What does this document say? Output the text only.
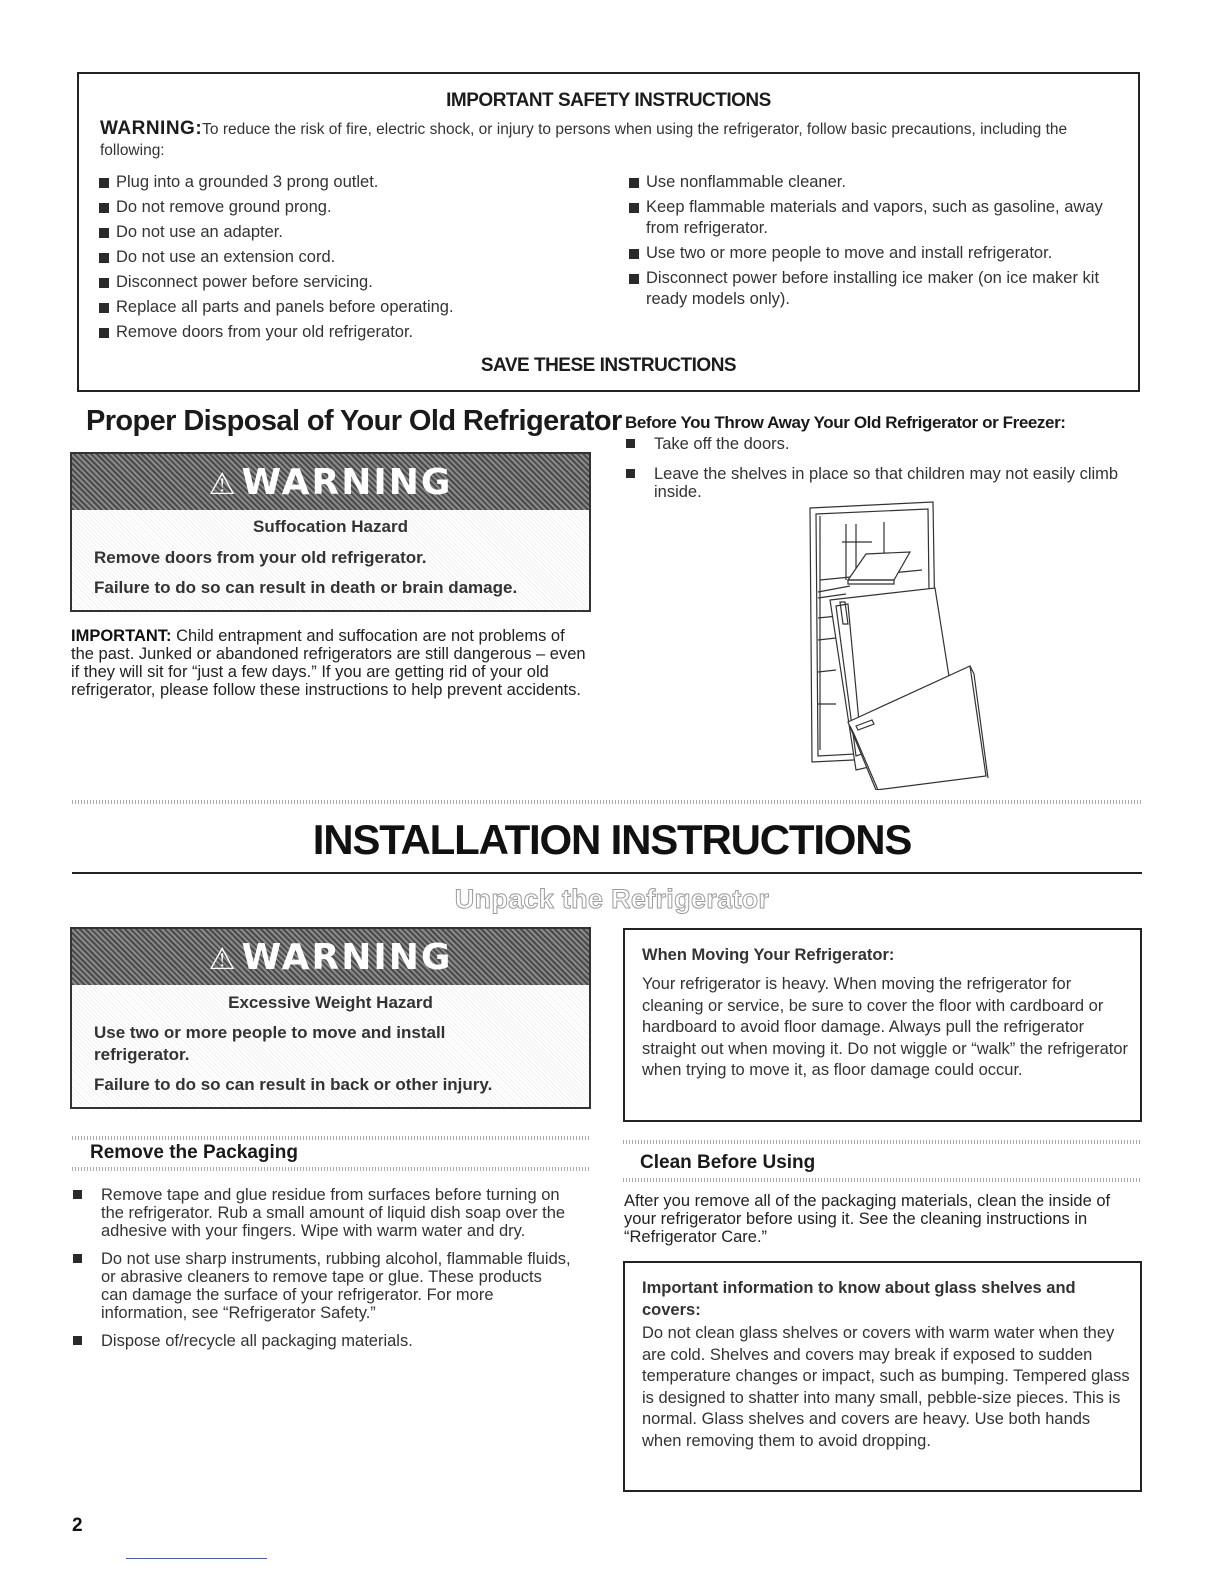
IMPORTANT SAFETY INSTRUCTIONS
WARNING:To reduce the risk of fire, electric shock, or injury to persons when using the refrigerator, follow basic precautions, including the following:
Plug into a grounded 3 prong outlet.
Do not remove ground prong.
Do not use an adapter.
Do not use an extension cord.
Disconnect power before servicing.
Replace all parts and panels before operating.
Remove doors from your old refrigerator.
Use nonflammable cleaner.
Keep flammable materials and vapors, such as gasoline, away from refrigerator.
Use two or more people to move and install refrigerator.
Disconnect power before installing ice maker (on ice maker kit ready models only).
SAVE THESE INSTRUCTIONS
Proper Disposal of Your Old Refrigerator
⚠ WARNING
Suffocation Hazard
Remove doors from your old refrigerator.
Failure to do so can result in death or brain damage.
IMPORTANT: Child entrapment and suffocation are not problems of the past. Junked or abandoned refrigerators are still dangerous – even if they will sit for “just a few days.” If you are getting rid of your old refrigerator, please follow these instructions to help prevent accidents.
Before You Throw Away Your Old Refrigerator or Freezer:
Take off the doors.
Leave the shelves in place so that children may not easily climb inside.
INSTALLATION INSTRUCTIONS
Unpack the Refrigerator
⚠ WARNING
Excessive Weight Hazard
Use two or more people to move and install refrigerator.
Failure to do so can result in back or other injury.
When Moving Your Refrigerator:
Your refrigerator is heavy. When moving the refrigerator for cleaning or service, be sure to cover the floor with cardboard or hardboard to avoid floor damage. Always pull the refrigerator straight out when moving it. Do not wiggle or “walk” the refrigerator when trying to move it, as floor damage could occur.
Remove the Packaging
Remove tape and glue residue from surfaces before turning on the refrigerator. Rub a small amount of liquid dish soap over the adhesive with your fingers. Wipe with warm water and dry.
Do not use sharp instruments, rubbing alcohol, flammable fluids, or abrasive cleaners to remove tape or glue. These products can damage the surface of your refrigerator. For more information, see “Refrigerator Safety.”
Dispose of/recycle all packaging materials.
Clean Before Using
After you remove all of the packaging materials, clean the inside of your refrigerator before using it. See the cleaning instructions in “Refrigerator Care.”
Important information to know about glass shelves and covers:
Do not clean glass shelves or covers with warm water when they are cold. Shelves and covers may break if exposed to sudden temperature changes or impact, such as bumping. Tempered glass is designed to shatter into many small, pebble-size pieces. This is normal. Glass shelves and covers are heavy. Use both hands when removing them to avoid dropping.
2
